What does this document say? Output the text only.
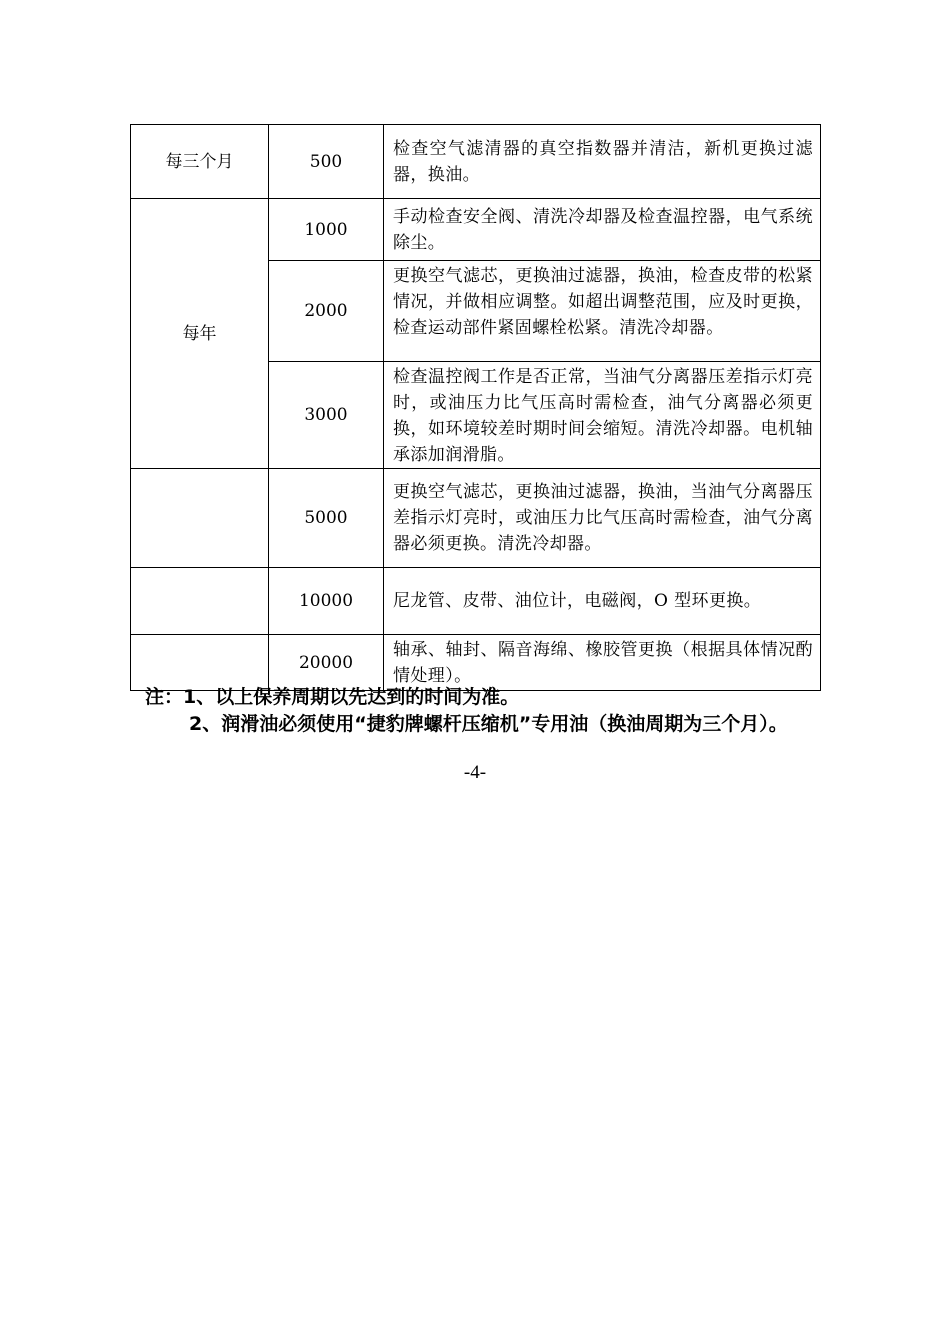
每三个月	500	检查空气滤清器的真空指数器并清洁，新机更换过滤器，换油。
每年	1000	手动检查安全阀、清洗冷却器及检查温控器，电气系统除尘。
	2000	更换空气滤芯，更换油过滤器，换油，检查皮带的松紧情况，并做相应调整。如超出调整范围，应及时更换，检查运动部件紧固螺栓松紧。清洗冷却器。
	3000	检查温控阀工作是否正常，当油气分离器压差指示灯亮时，或油压力比气压高时需检查，油气分离器必须更换，如环境较差时期时间会缩短。清洗冷却器。电机轴承添加润滑脂。
	5000	更换空气滤芯，更换油过滤器，换油，当油气分离器压差指示灯亮时，或油压力比气压高时需检查，油气分离器必须更换。清洗冷却器。
	10000	尼龙管、皮带、油位计，电磁阀，O 型环更换。
	20000	轴承、轴封、隔音海绵、橡胶管更换（根据具体情况酌情处理）。

注：1、以上保养周期以先达到的时间为准。

2、润滑油必须使用“捷豹牌螺杆压缩机”专用油（换油周期为三个月）。

-4-
